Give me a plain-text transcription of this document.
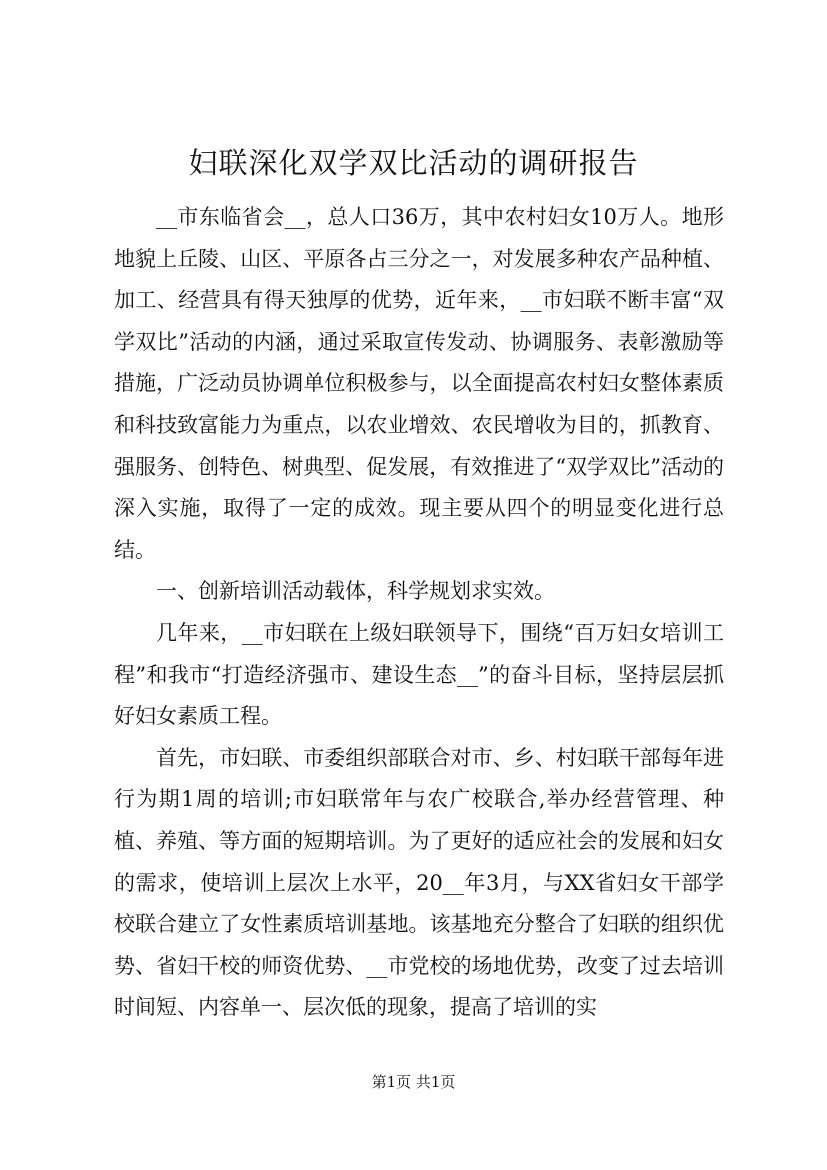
妇联深化双学双比活动的调研报告

__市东临省会__，总人口36万，其中农村妇女10万人。地形地貌上丘陵、山区、平原各占三分之一，对发展多种农产品种植、加工、经营具有得天独厚的优势，近年来，__市妇联不断丰富“双学双比”活动的内涵，通过采取宣传发动、协调服务、表彰激励等措施，广泛动员协调单位积极参与，以全面提高农村妇女整体素质和科技致富能力为重点，以农业增效、农民增收为目的，抓教育、强服务、创特色、树典型、促发展，有效推进了“双学双比”活动的深入实施，取得了一定的成效。现主要从四个的明显变化进行总结。

一、创新培训活动载体，科学规划求实效。

几年来，__市妇联在上级妇联领导下，围绕“百万妇女培训工程”和我市“打造经济强市、建设生态__”的奋斗目标，坚持层层抓好妇女素质工程。

首先，市妇联、市委组织部联合对市、乡、村妇联干部每年进行为期1周的培训;市妇联常年与农广校联合,举办经营管理、种植、养殖、等方面的短期培训。为了更好的适应社会的发展和妇女的需求，使培训上层次上水平，20__年3月，与XX省妇女干部学校联合建立了女性素质培训基地。该基地充分整合了妇联的组织优势、省妇干校的师资优势、__市党校的场地优势，改变了过去培训时间短、内容单一、层次低的现象，提高了培训的实

第1页 共1页
